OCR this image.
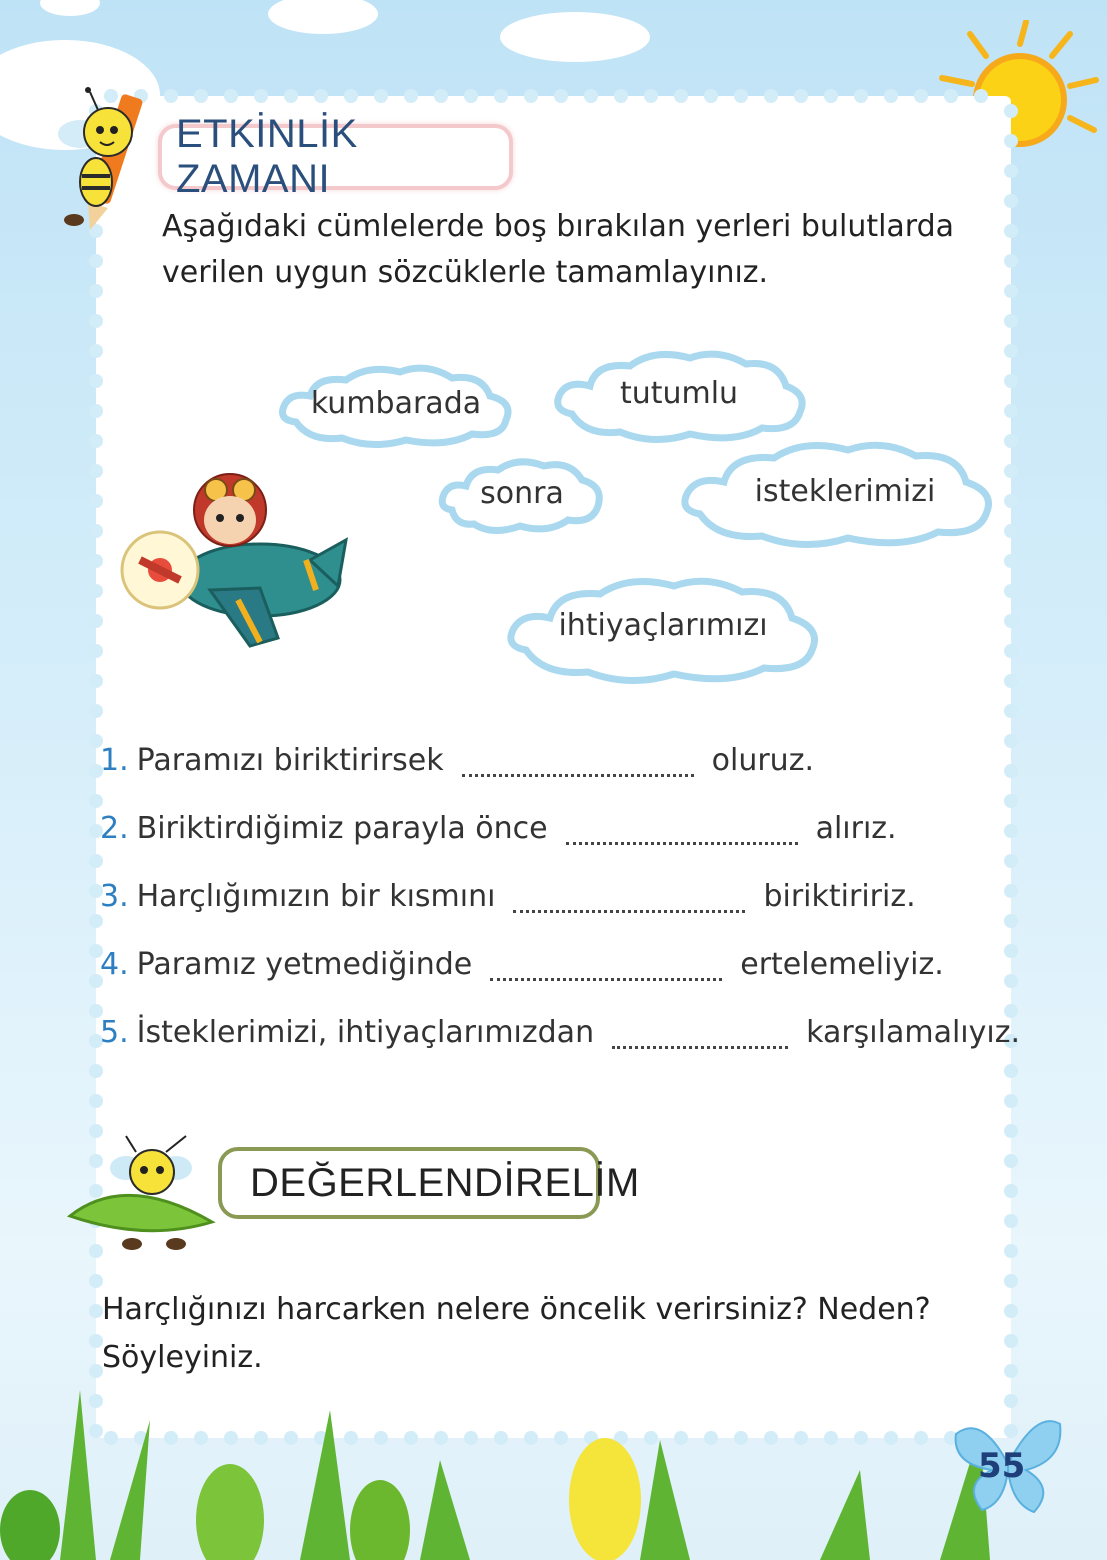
ETKİNLİK ZAMANI
Aşağıdaki cümlelerde boş bırakılan yerleri bulutlarda verilen uygun sözcüklerle tamamlayınız.
kumbarada	tutumlu
sonra	isteklerimizi
ihtiyaçlarımızı
1. Paramızı biriktirirsek	oluruz.
2. Biriktirdiğimiz parayla önce	alırız.
3. Harçlığımızın bir kısmını	biriktiririz.
4. Paramız yetmediğinde	ertelemeliyiz.
5. İsteklerimizi, ihtiyaçlarımızdan	karşılamalıyız.
DEĞERLENDİRELİM
Harçlığınızı harcarken nelere öncelik verirsiniz? Neden? Söyleyiniz.
55
